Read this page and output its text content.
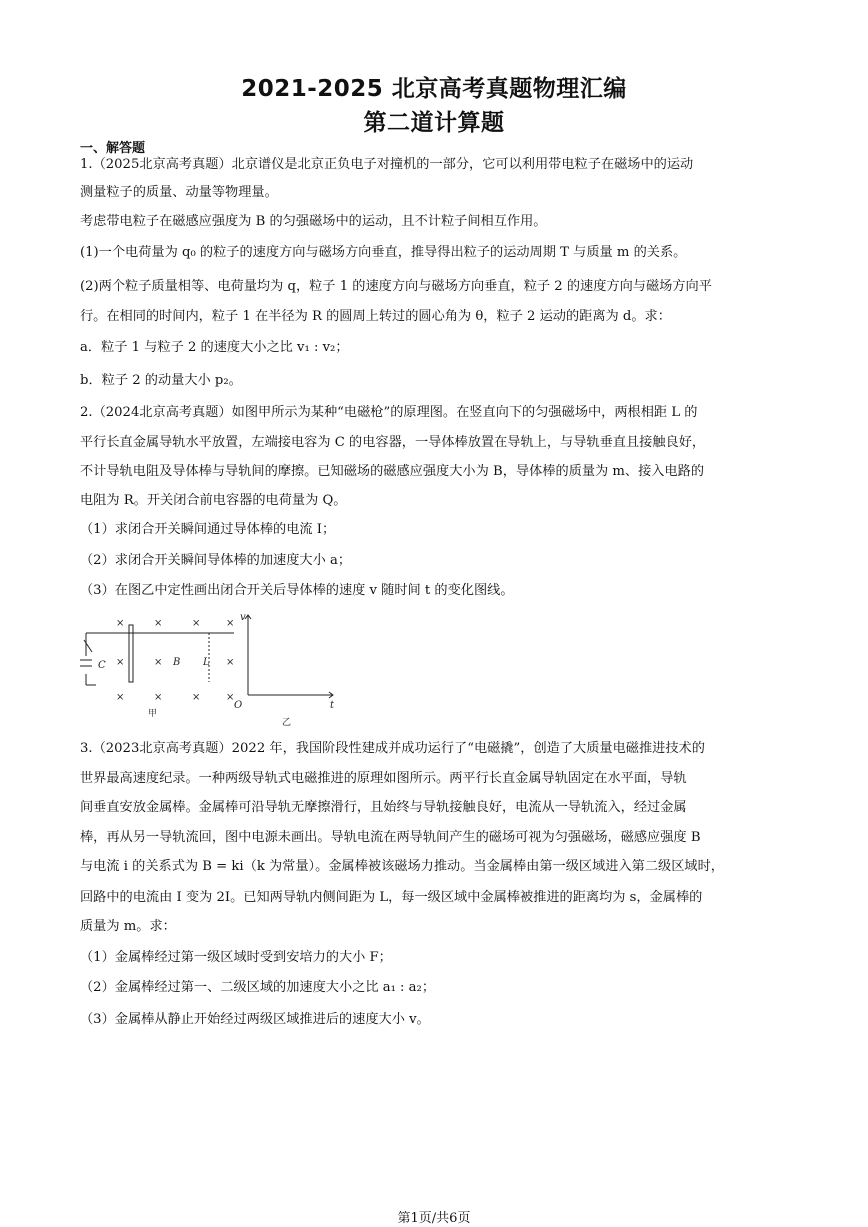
2021-2025 北京高考真题物理汇编
第二道计算题
一、解答题
1.（2025北京高考真题）北京谱仪是北京正负电子对撞机的一部分，它可以利用带电粒子在磁场中的运动
测量粒子的质量、动量等物理量。
考虑带电粒子在磁感应强度为 B 的匀强磁场中的运动，且不计粒子间相互作用。
(1)一个电荷量为 q₀ 的粒子的速度方向与磁场方向垂直，推导得出粒子的运动周期 T 与质量 m 的关系。
(2)两个粒子质量相等、电荷量均为 q，粒子 1 的速度方向与磁场方向垂直，粒子 2 的速度方向与磁场方向平
行。在相同的时间内，粒子 1 在半径为 R 的圆周上转过的圆心角为 θ，粒子 2 运动的距离为 d。求：
a．粒子 1 与粒子 2 的速度大小之比 v₁ : v₂；
b．粒子 2 的动量大小 p₂。
2.（2024北京高考真题）如图甲所示为某种“电磁枪”的原理图。在竖直向下的匀强磁场中，两根相距 L 的
平行长直金属导轨水平放置，左端接电容为 C 的电容器，一导体棒放置在导轨上，与导轨垂直且接触良好，
不计导轨电阻及导体棒与导轨间的摩擦。已知磁场的磁感应强度大小为 B，导体棒的质量为 m、接入电路的
电阻为 R。开关闭合前电容器的电荷量为 Q。
（1）求闭合开关瞬间通过导体棒的电流 I；
（2）求闭合开关瞬间导体棒的加速度大小 a；
（3）在图乙中定性画出闭合开关后导体棒的速度 v 随时间 t 的变化图线。
×	×	×	×
×	×	×
×	×	×	×
C	B L
O
v
t
甲
乙
3.（2023北京高考真题）2022 年，我国阶段性建成并成功运行了“电磁撬”，创造了大质量电磁推进技术的
世界最高速度纪录。一种两级导轨式电磁推进的原理如图所示。两平行长直金属导轨固定在水平面，导轨
间垂直安放金属棒。金属棒可沿导轨无摩擦滑行，且始终与导轨接触良好，电流从一导轨流入，经过金属
棒，再从另一导轨流回，图中电源未画出。导轨电流在两导轨间产生的磁场可视为匀强磁场，磁感应强度 B
与电流 i 的关系式为 B = ki（k 为常量）。金属棒被该磁场力推动。当金属棒由第一级区域进入第二级区域时，
回路中的电流由 I 变为 2I。已知两导轨内侧间距为 L，每一级区域中金属棒被推进的距离均为 s，金属棒的
质量为 m。求：
（1）金属棒经过第一级区域时受到安培力的大小 F；
（2）金属棒经过第一、二级区域的加速度大小之比 a₁ : a₂；
（3）金属棒从静止开始经过两级区域推进后的速度大小 v。
第1页/共6页
